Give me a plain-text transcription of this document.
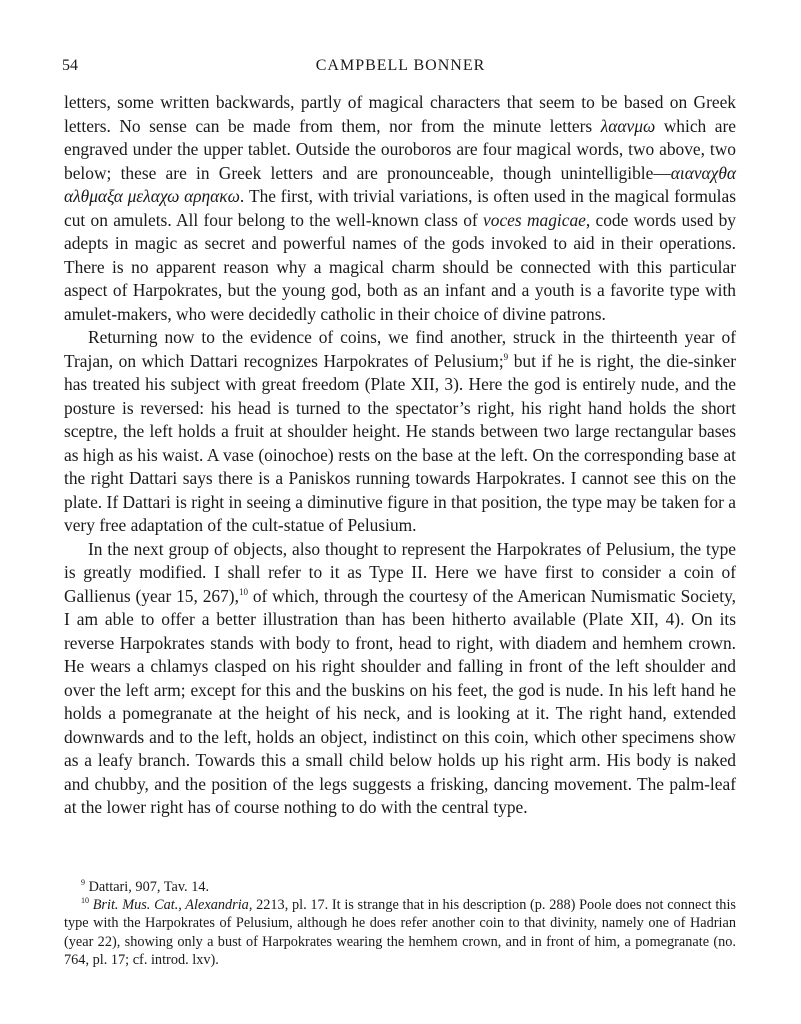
54	CAMPBELL BONNER

letters, some written backwards, partly of magical characters that seem to be based on Greek letters. No sense can be made from them, nor from the minute letters λααvμω which are engraved under the upper tablet. Outside the ouroboros are four magical words, two above, two below; these are in Greek letters and are pronounceable, though unintelligible—αιαναχθα αλθμαξα μελαχω αρηακω. The first, with trivial variations, is often used in the magical formulas cut on amulets. All four belong to the well-known class of voces magicae, code words used by adepts in magic as secret and powerful names of the gods invoked to aid in their operations. There is no apparent reason why a magical charm should be connected with this particular aspect of Harpokrates, but the young god, both as an infant and a youth is a favorite type with amulet-makers, who were decidedly catholic in their choice of divine patrons.

Returning now to the evidence of coins, we find another, struck in the thirteenth year of Trajan, on which Dattari recognizes Harpokrates of Pelusium;$^9$ but if he is right, the die-sinker has treated his subject with great freedom (Plate XII, 3). Here the god is entirely nude, and the posture is reversed: his head is turned to the spectator’s right, his right hand holds the short sceptre, the left holds a fruit at shoulder height. He stands between two large rectangular bases as high as his waist. A vase (oinochoe) rests on the base at the left. On the corresponding base at the right Dattari says there is a Paniskos running towards Harpokrates. I cannot see this on the plate. If Dattari is right in seeing a diminutive figure in that position, the type may be taken for a very free adaptation of the cult-statue of Pelusium.

In the next group of objects, also thought to represent the Harpokrates of Pelusium, the type is greatly modified. I shall refer to it as Type II. Here we have first to consider a coin of Gallienus (year 15, 267),$^{10}$ of which, through the courtesy of the American Numismatic Society, I am able to offer a better illustration than has been hitherto available (Plate XII, 4). On its reverse Harpokrates stands with body to front, head to right, with diadem and hemhem crown. He wears a chlamys clasped on his right shoulder and falling in front of the left shoulder and over the left arm; except for this and the buskins on his feet, the god is nude. In his left hand he holds a pomegranate at the height of his neck, and is looking at it. The right hand, extended downwards and to the left, holds an object, indistinct on this coin, which other specimens show as a leafy branch. Towards this a small child below holds up his right arm. His body is naked and chubby, and the position of the legs suggests a frisking, dancing movement. The palm-leaf at the lower right has of course nothing to do with the central type.

$^9$ Dattari, 907, Tav. 14.

$^{10}$ Brit. Mus. Cat., Alexandria, 2213, pl. 17. It is strange that in his description (p. 288) Poole does not connect this type with the Harpokrates of Pelusium, although he does refer another coin to that divinity, namely one of Hadrian (year 22), showing only a bust of Harpokrates wearing the hemhem crown, and in front of him, a pomegranate (no. 764, pl. 17; cf. introd. lxv).
